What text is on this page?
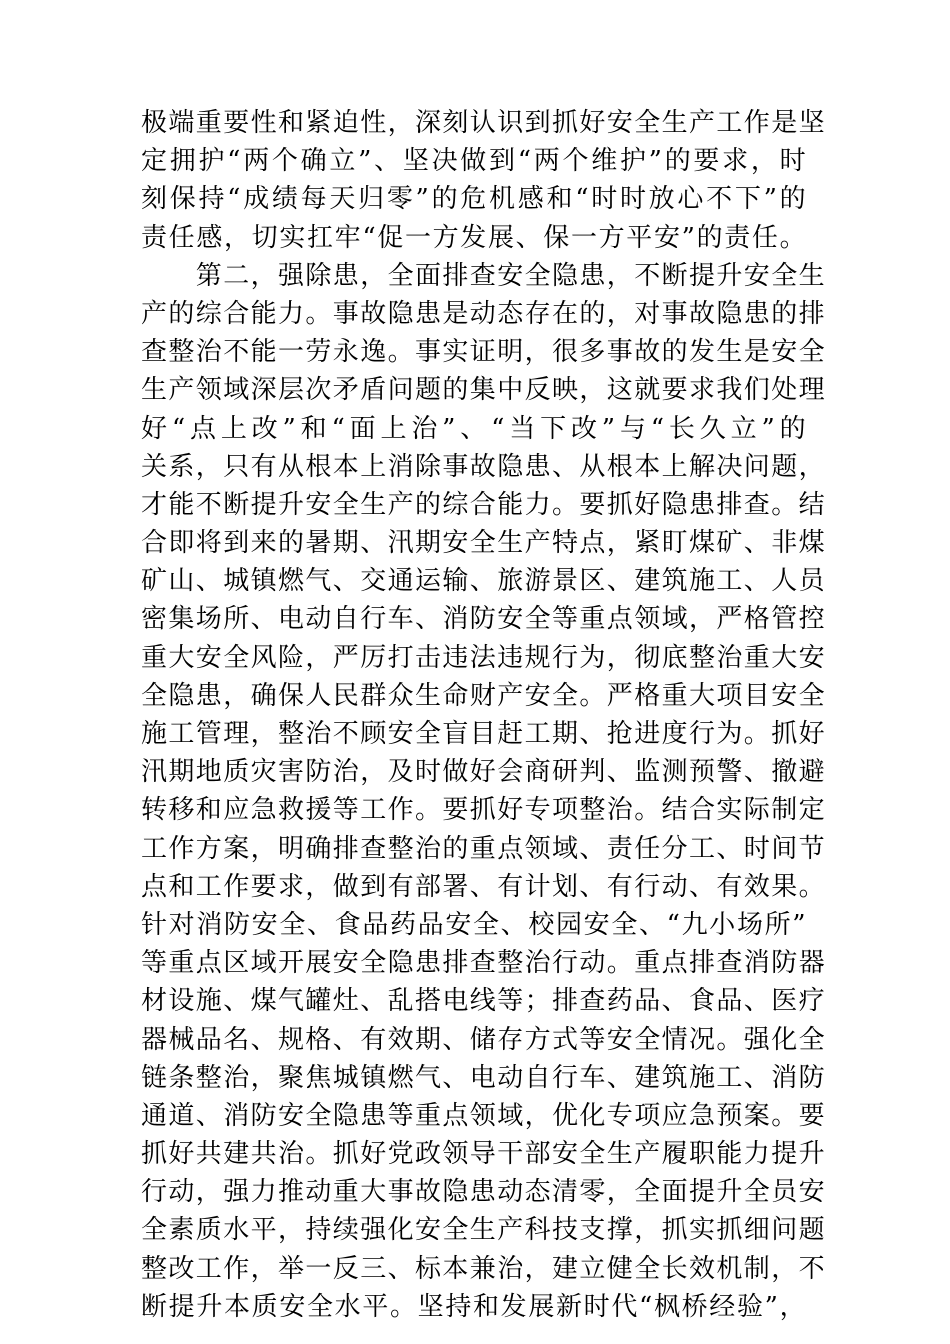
极端重要性和紧迫性，深刻认识到抓好安全生产工作是坚
定拥护“两个确立”、坚决做到“两个维护”的要求，时
刻保持“成绩每天归零”的危机感和“时时放心不下”的
责任感，切实扛牢“促一方发展、保一方平安”的责任。
　　第二，强除患，全面排查安全隐患，不断提升安全生
产的综合能力。事故隐患是动态存在的，对事故隐患的排
查整治不能一劳永逸。事实证明，很多事故的发生是安全
生产领域深层次矛盾问题的集中反映，这就要求我们处理
好“点上改”和“面上治”、“当下改”与“长久立”的
关系，只有从根本上消除事故隐患、从根本上解决问题，
才能不断提升安全生产的综合能力。要抓好隐患排查。结
合即将到来的暑期、汛期安全生产特点，紧盯煤矿、非煤
矿山、城镇燃气、交通运输、旅游景区、建筑施工、人员
密集场所、电动自行车、消防安全等重点领域，严格管控
重大安全风险，严厉打击违法违规行为，彻底整治重大安
全隐患，确保人民群众生命财产安全。严格重大项目安全
施工管理，整治不顾安全盲目赶工期、抢进度行为。抓好
汛期地质灾害防治，及时做好会商研判、监测预警、撤避
转移和应急救援等工作。要抓好专项整治。结合实际制定
工作方案，明确排查整治的重点领域、责任分工、时间节
点和工作要求，做到有部署、有计划、有行动、有效果。
针对消防安全、食品药品安全、校园安全、“九小场所”
等重点区域开展安全隐患排查整治行动。重点排查消防器
材设施、煤气罐灶、乱搭电线等；排查药品、食品、医疗
器械品名、规格、有效期、储存方式等安全情况。强化全
链条整治，聚焦城镇燃气、电动自行车、建筑施工、消防
通道、消防安全隐患等重点领域，优化专项应急预案。要
抓好共建共治。抓好党政领导干部安全生产履职能力提升
行动，强力推动重大事故隐患动态清零，全面提升全员安
全素质水平，持续强化安全生产科技支撑，抓实抓细问题
整改工作，举一反三、标本兼治，建立健全长效机制，不
断提升本质安全水平。坚持和发展新时代“枫桥经验”，
